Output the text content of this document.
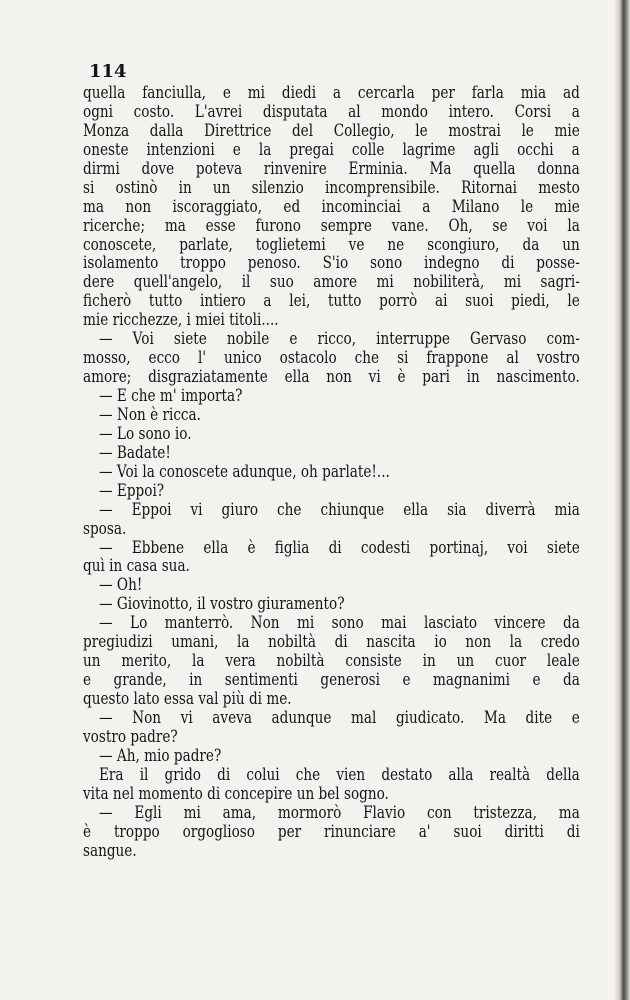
114
quella fanciulla, e mi diedi a cercarla per farla mia ad
ogni costo. L'avrei disputata al mondo intero. Corsi a
Monza dalla Direttrice del Collegio, le mostrai le mie
oneste intenzioni e la pregai colle lagrime agli occhi a
dirmi dove poteva rinvenire Erminia. Ma quella donna
si ostinò in un silenzio incomprensibile. Ritornai mesto
ma non iscoraggiato, ed incominciai a Milano le mie
ricerche; ma esse furono sempre vane. Oh, se voi la
conoscete, parlate, toglietemi ve ne scongiuro, da un
isolamento troppo penoso. S'io sono indegno di posse-
dere quell'angelo, il suo amore mi nobiliterà, mi sagri-
ficherò tutto intiero a lei, tutto porrò ai suoi piedi, le
mie ricchezze, i miei titoli....
— Voi siete nobile e ricco, interruppe Gervaso com-
mosso, ecco l' unico ostacolo che si frappone al vostro
amore; disgraziatamente ella non vi è pari in nascimento.
— E che m' importa?
— Non è ricca.
— Lo sono io.
— Badate!
— Voi la conoscete adunque, oh parlate!...
— Eppoi?
— Eppoi vi giuro che chiunque ella sia diverrà mia
sposa.
— Ebbene ella è figlia di codesti portinaj, voi siete
quì in casa sua.
— Oh!
— Giovinotto, il vostro giuramento?
— Lo manterrò. Non mi sono mai lasciato vincere da
pregiudizi umani, la nobiltà di nascita io non la credo
un merito, la vera nobiltà consiste in un cuor leale
e grande, in sentimenti generosi e magnanimi e da
questo lato essa val più di me.
— Non vi aveva adunque mal giudicato. Ma dite e
vostro padre?
— Ah, mio padre?
Era il grido di colui che vien destato alla realtà della
vita nel momento di concepire un bel sogno.
— Egli mi ama, mormorò Flavio con tristezza, ma
è troppo orgoglioso per rinunciare a' suoi diritti di
sangue.
